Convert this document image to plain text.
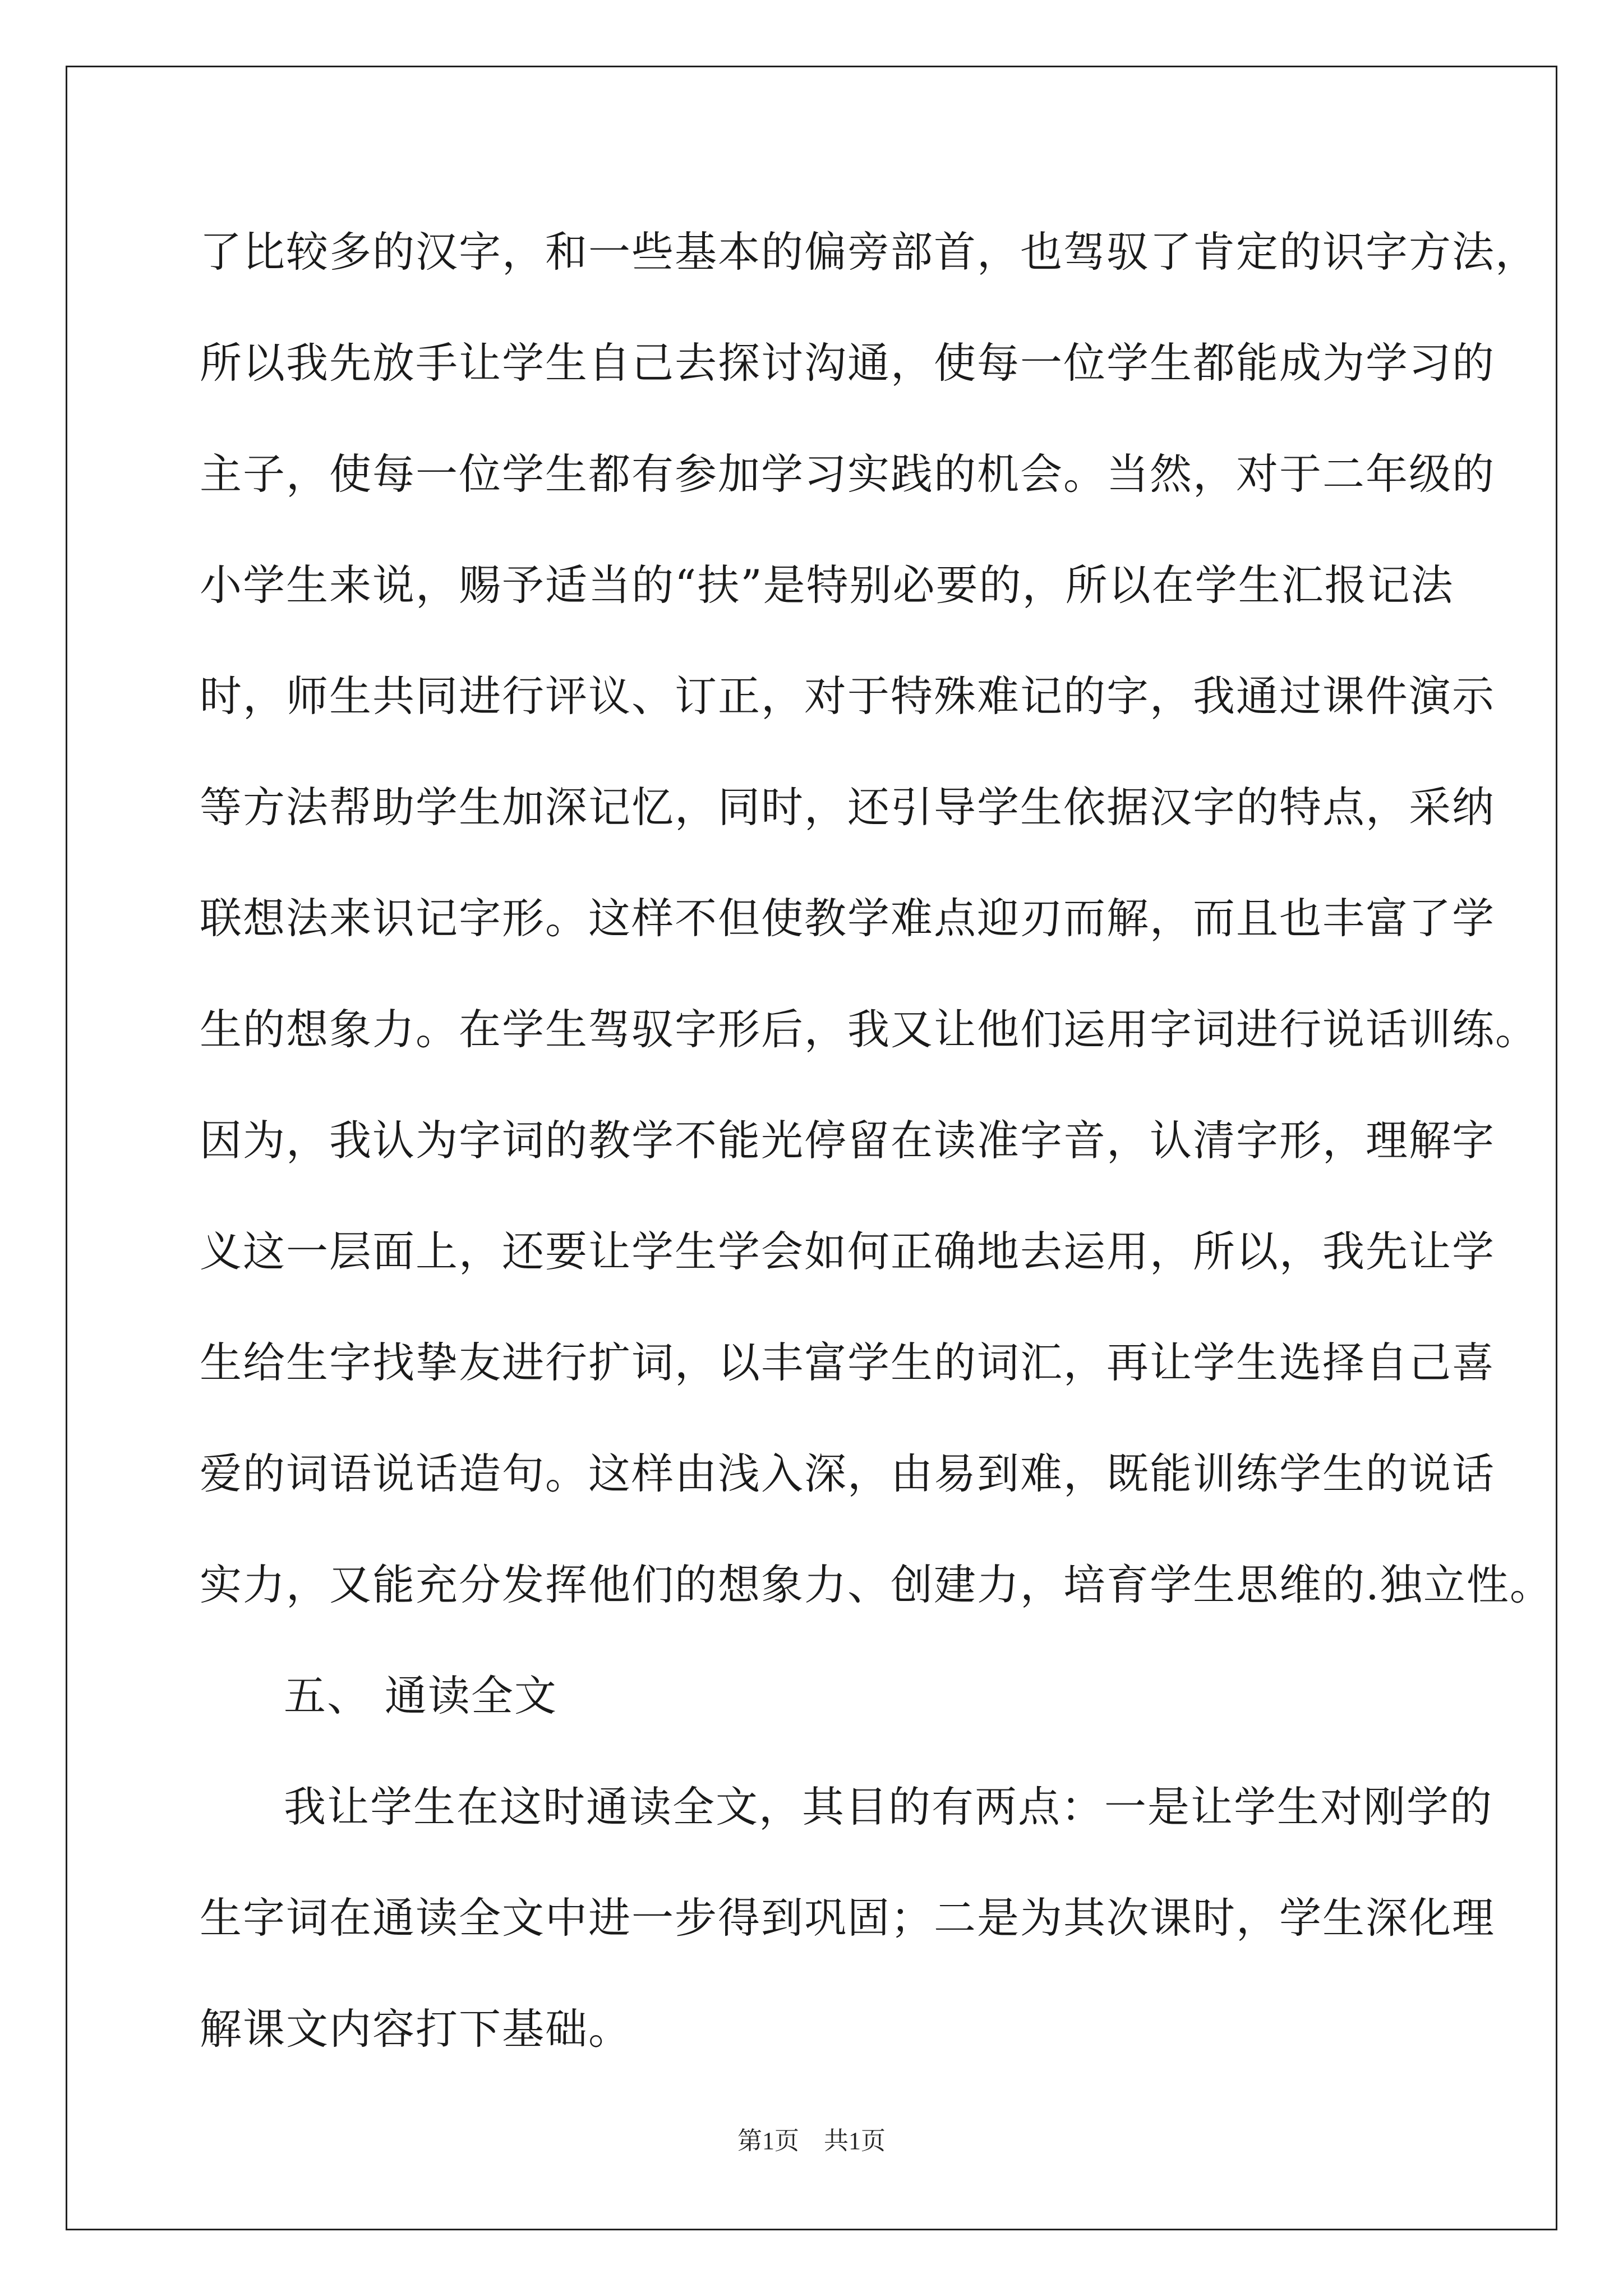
了比较多的汉字，和一些基本的偏旁部首，也驾驭了肯定的识字方法，
所以我先放手让学生自己去探讨沟通，使每一位学生都能成为学习的
主子，使每一位学生都有参加学习实践的机会。当然，对于二年级的
小学生来说，赐予适当的“扶”是特别必要的，所以在学生汇报记法
时，师生共同进行评议、订正，对于特殊难记的字，我通过课件演示
等方法帮助学生加深记忆，同时，还引导学生依据汉字的特点，采纳
联想法来识记字形。这样不但使教学难点迎刃而解，而且也丰富了学
生的想象力。在学生驾驭字形后，我又让他们运用字词进行说话训练。
因为，我认为字词的教学不能光停留在读准字音，认清字形，理解字
义这一层面上，还要让学生学会如何正确地去运用，所以，我先让学
生给生字找挚友进行扩词，以丰富学生的词汇，再让学生选择自己喜
爱的词语说话造句。这样由浅入深，由易到难，既能训练学生的说话
实力，又能充分发挥他们的想象力、创建力，培育学生思维的.独立性。
五、 通读全文
我让学生在这时通读全文，其目的有两点：一是让学生对刚学的
生字词在通读全文中进一步得到巩固；二是为其次课时，学生深化理
解课文内容打下基础。
第1页　共1页
